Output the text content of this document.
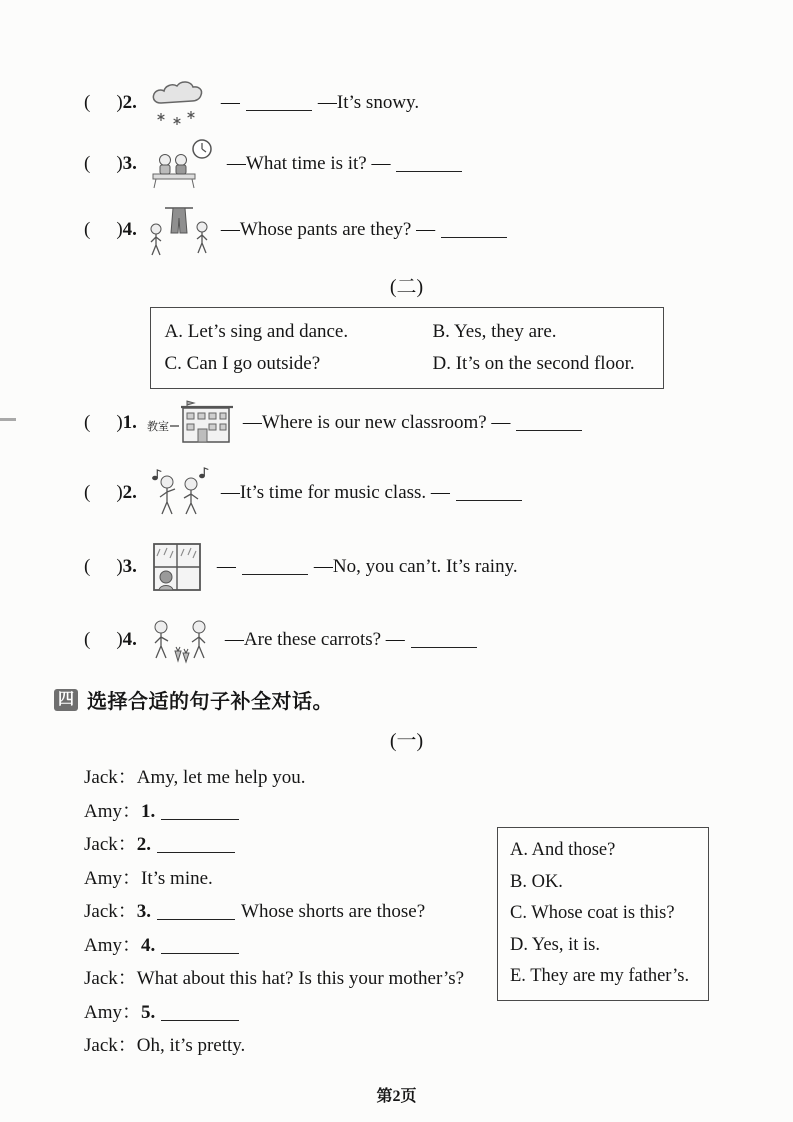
( ) 2.	—	—It’s snowy.
( ) 3.	—What time is it? —
( ) 4.	—Whose pants are they? —
(二)
A. Let’s sing and dance.	B. Yes, they are.
C. Can I go outside?	D. It’s on the second floor.
( ) 1. 教室	—Where is our new classroom? —
( ) 2.	—It’s time for music class. —
( ) 3.	—	—No, you can’t. It’s rainy.
( ) 4.	—Are these carrots? —
四 选择合适的句子补全对话。
(一)
Jack：Amy, let me help you.
Amy：1.
Jack：2.
Amy：It’s mine.
Jack：3.	Whose shorts are those?
Amy：4.
Jack：What about this hat? Is this your mother’s?
Amy：5.
Jack：Oh, it’s pretty.
A. And those?
B. OK.
C. Whose coat is this?
D. Yes, it is.
E. They are my father’s.
第2页
